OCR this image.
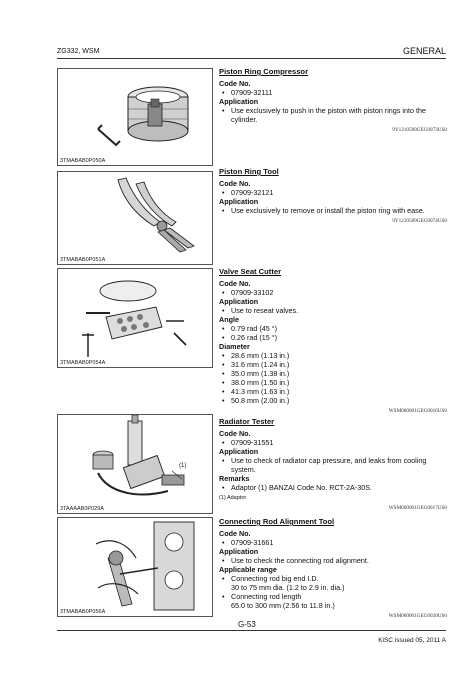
ZG332, WSM	GENERAL
3TMABAB0P050A
Piston Ring Compressor
Code No.
• 07909-32111
Application
• Use exclusively to push in the piston with piston rings into the cylinder.
9Y1210589GEG0073US0
3TMABAB0P051A
Piston Ring Tool
Code No.
• 07909-32121
Application
• Use exclusively to remove or install the piston ring with ease.
9Y1210589GEG0074US0
3TMABAB0P054A
Valve Seat Cutter
Code No.
• 07909-33102
Application
• Use to reseat valves.
Angle
• 0.79 rad (45 °)
• 0.26 rad (15 °)
Diameter
• 28.6 mm (1.13 in.)
• 31.6 mm (1.24 in.)
• 35.0 mm (1.38 in.)
• 38.0 mm (1.50 in.)
• 41.3 mm (1.63 in.)
• 50.8 mm (2.00 in.)
WSM000001GEG0016US0
(1)
3TAAAAB0P029A
Radiator Tester
Code No.
• 07909-31551
Application
• Use to check of radiator cap pressure, and leaks from cooling system.
Remarks
• Adaptor (1) BANZAI Code No. RCT-2A-30S.
(1) Adaptor
WSM000001GEG0017US0
3TMABAB0P056A
Connecting Rod Alignment Tool
Code No.
• 07909-31661
Application
• Use to check the connecting rod alignment.
Applicable range
• Connecting rod big end I.D.
30 to 75 mm dia. (1.2 to 2.9 in. dia.)
• Connecting rod length
65.0 to 300 mm (2.56 to 11.8 in.)
WSM000001GEG0020US0
G-53
KiSC issued 05, 2011 A
